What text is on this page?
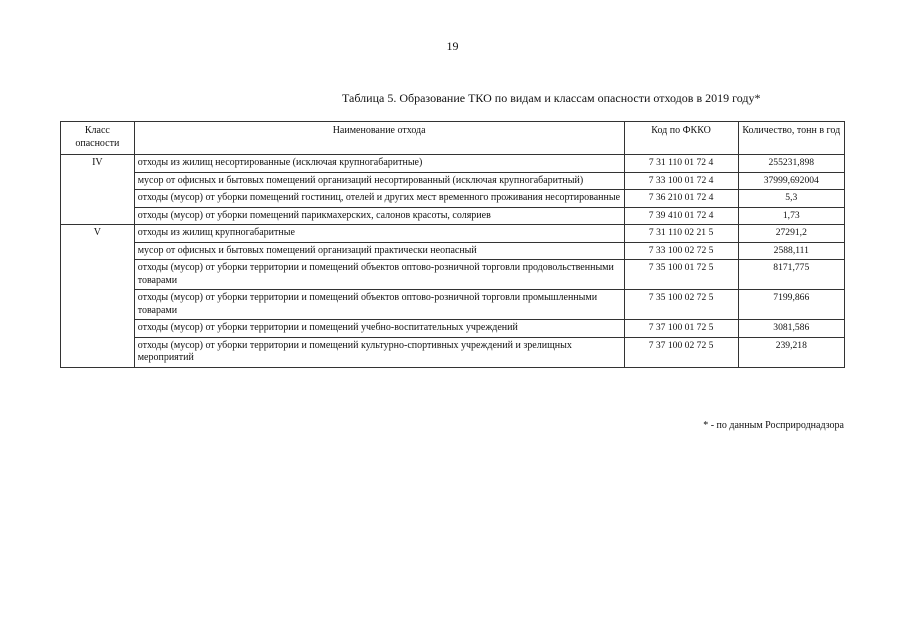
19
Таблица 5. Образование ТКО по видам и классам опасности отходов в 2019 году*
Класс опасности	Наименование отхода	Код по ФККО	Количество, тонн в год
IV	отходы из жилищ несортированные (исключая крупногабаритные)	7 31 110 01 72 4	255231,898
	мусор от офисных и бытовых помещений организаций несортированный (исключая крупногабаритный)	7 33 100 01 72 4	37999,692004
	отходы (мусор) от уборки помещений гостиниц, отелей и других мест временного проживания несортированные	7 36 210 01 72 4	5,3
	отходы (мусор) от уборки помещений парикмахерских, салонов красоты, соляриев	7 39 410 01 72 4	1,73
V	отходы из жилищ крупногабаритные	7 31 110 02 21 5	27291,2
	мусор от офисных и бытовых помещений организаций практически неопасный	7 33 100 02 72 5	2588,111
	отходы (мусор) от уборки территории и помещений объектов оптово-розничной торговли продовольственными товарами	7 35 100 01 72 5	8171,775
	отходы (мусор) от уборки территории и помещений объектов оптово-розничной торговли промышленными товарами	7 35 100 02 72 5	7199,866
	отходы (мусор) от уборки территории и помещений учебно-воспитательных учреждений	7 37 100 01 72 5	3081,586
	отходы (мусор) от уборки территории и помещений культурно-спортивных учреждений и зрелищных мероприятий	7 37 100 02 72 5	239,218
* - по данным Росприроднадзора
